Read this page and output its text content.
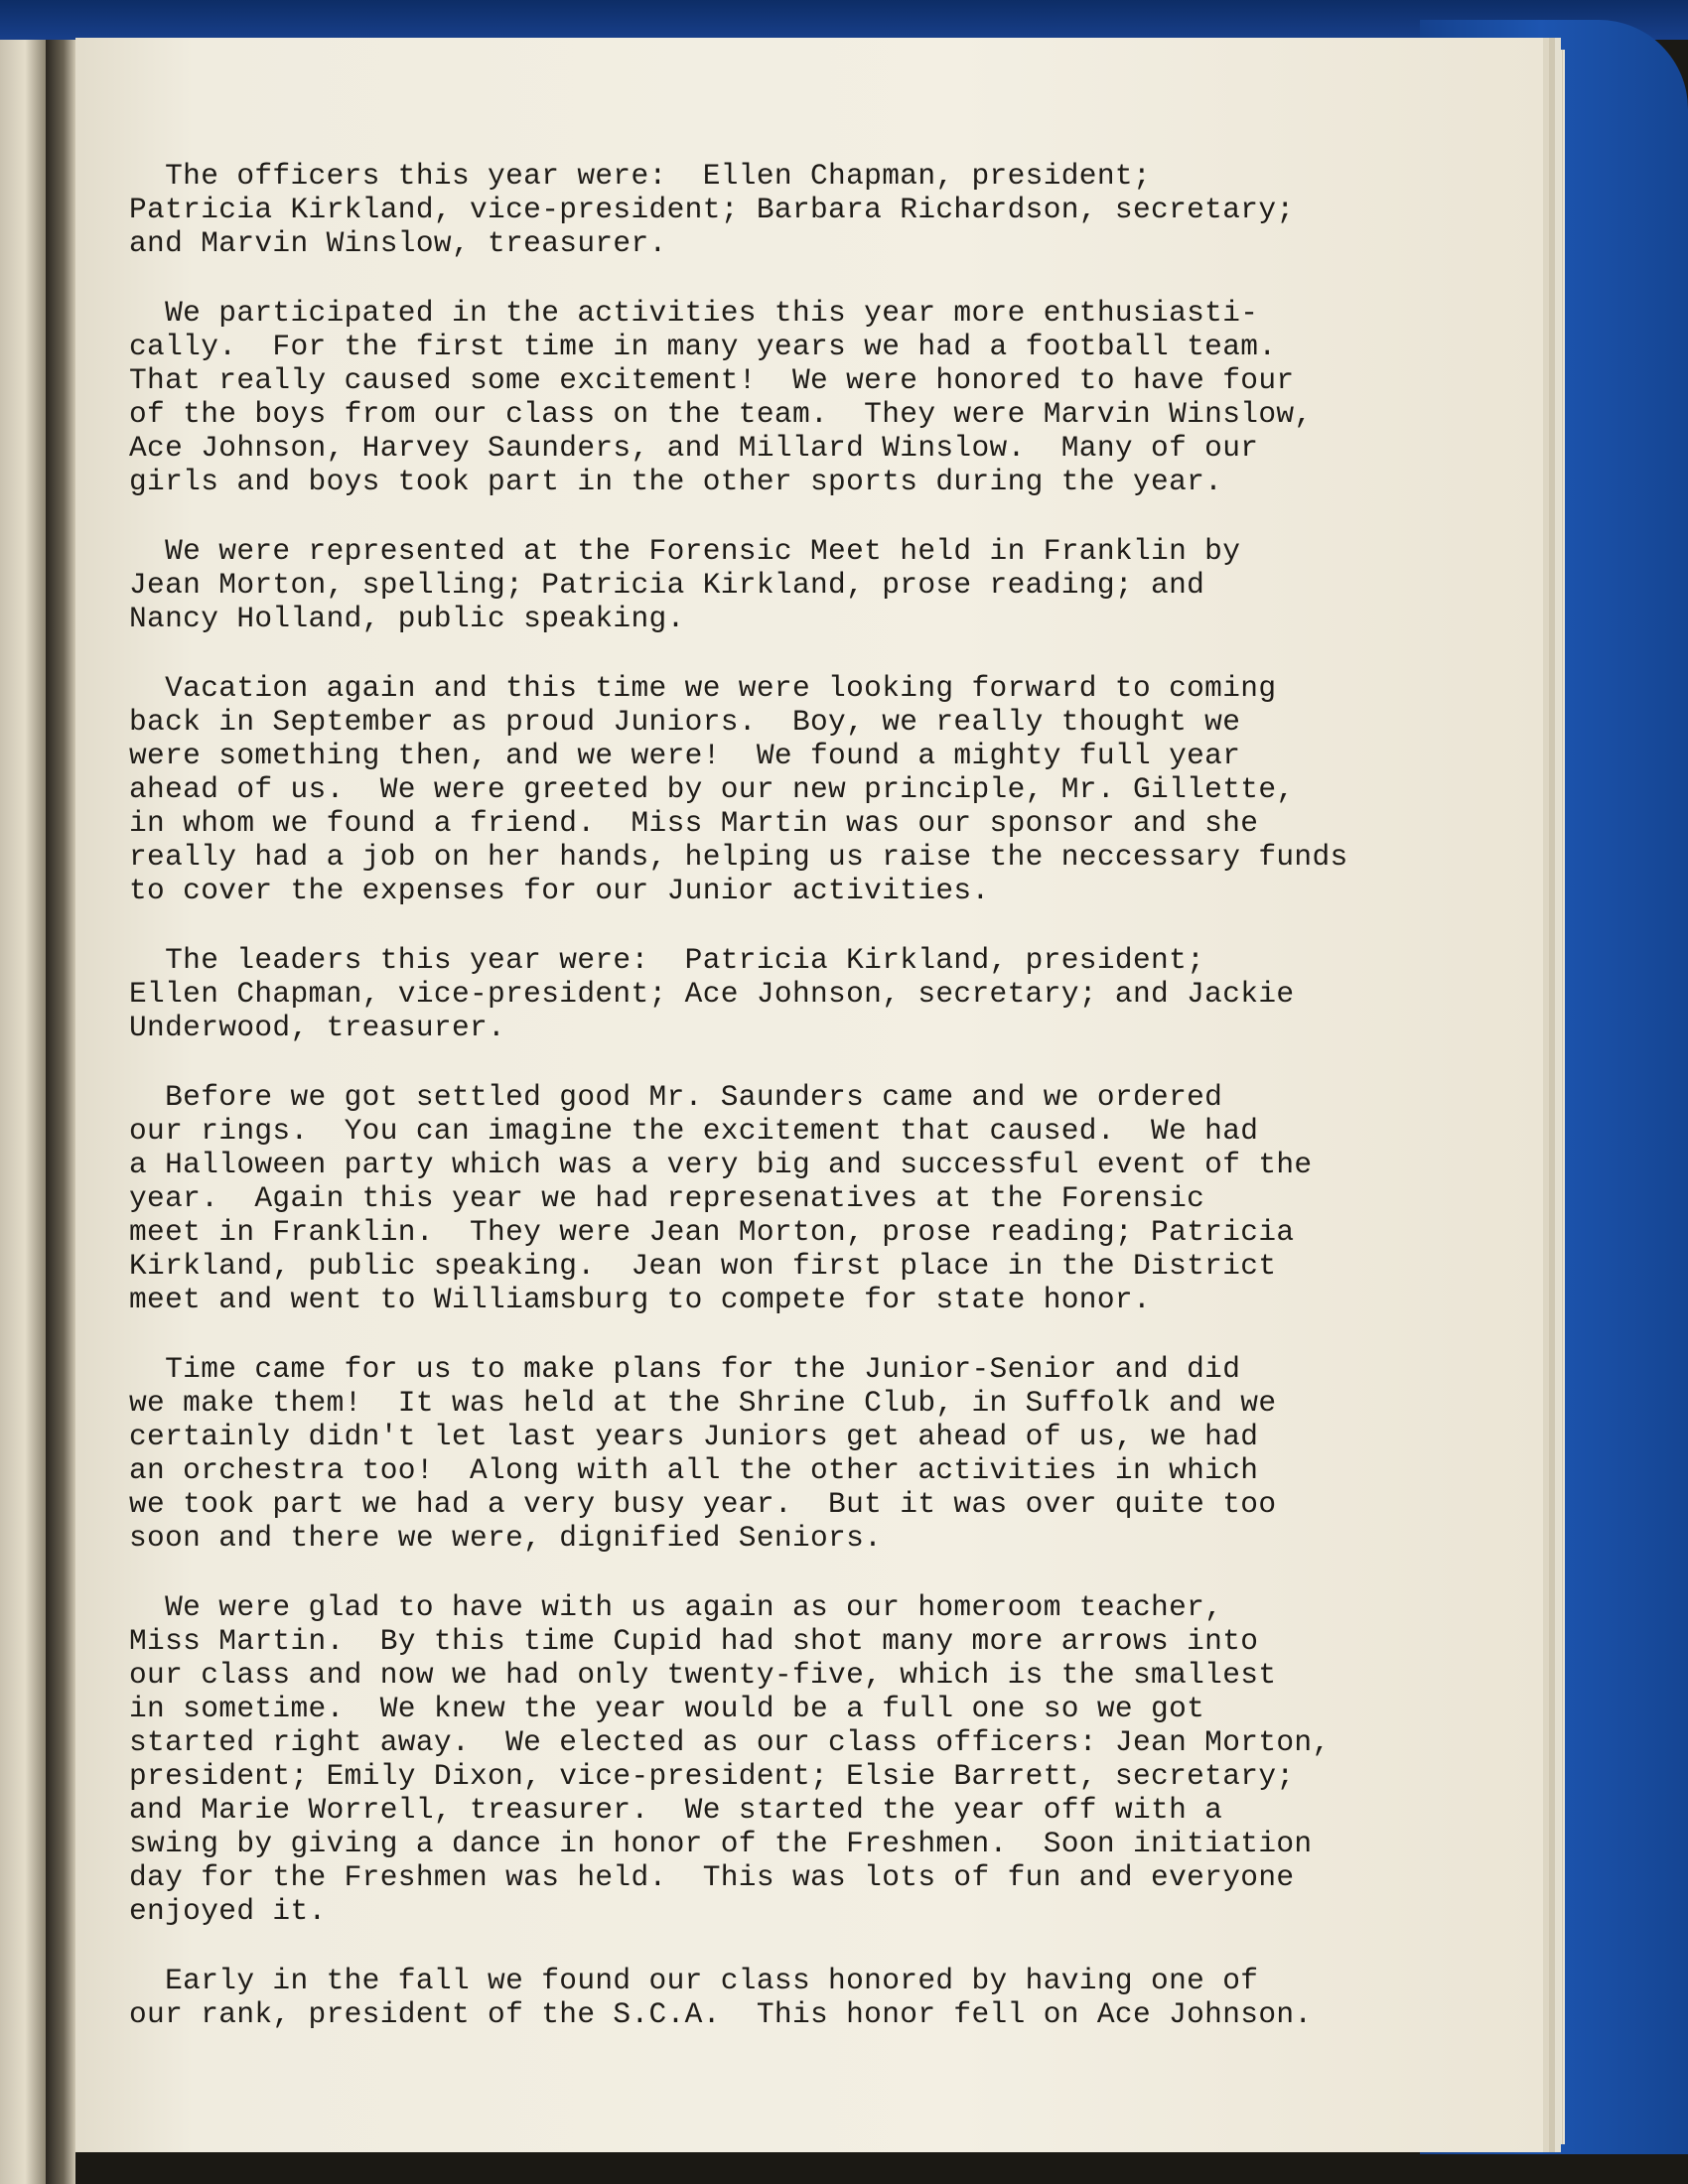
The officers this year were:  Ellen Chapman, president;
Patricia Kirkland, vice-president; Barbara Richardson, secretary;
and Marvin Winslow, treasurer.
We participated in the activities this year more enthusiasti-
cally.  For the first time in many years we had a football team.
That really caused some excitement!  We were honored to have four
of the boys from our class on the team.  They were Marvin Winslow,
Ace Johnson, Harvey Saunders, and Millard Winslow.  Many of our
girls and boys took part in the other sports during the year.
We were represented at the Forensic Meet held in Franklin by
Jean Morton, spelling; Patricia Kirkland, prose reading; and
Nancy Holland, public speaking.
Vacation again and this time we were looking forward to coming
back in September as proud Juniors.  Boy, we really thought we
were something then, and we were!  We found a mighty full year
ahead of us.  We were greeted by our new principle, Mr. Gillette,
in whom we found a friend.  Miss Martin was our sponsor and she
really had a job on her hands, helping us raise the neccessary funds
to cover the expenses for our Junior activities.
The leaders this year were:  Patricia Kirkland, president;
Ellen Chapman, vice-president; Ace Johnson, secretary; and Jackie
Underwood, treasurer.
Before we got settled good Mr. Saunders came and we ordered
our rings.  You can imagine the excitement that caused.  We had
a Halloween party which was a very big and successful event of the
year.  Again this year we had represenatives at the Forensic
meet in Franklin.  They were Jean Morton, prose reading; Patricia
Kirkland, public speaking.  Jean won first place in the District
meet and went to Williamsburg to compete for state honor.
Time came for us to make plans for the Junior-Senior and did
we make them!  It was held at the Shrine Club, in Suffolk and we
certainly didn't let last years Juniors get ahead of us, we had
an orchestra too!  Along with all the other activities in which
we took part we had a very busy year.  But it was over quite too
soon and there we were, dignified Seniors.
We were glad to have with us again as our homeroom teacher,
Miss Martin.  By this time Cupid had shot many more arrows into
our class and now we had only twenty-five, which is the smallest
in sometime.  We knew the year would be a full one so we got
started right away.  We elected as our class officers: Jean Morton,
president; Emily Dixon, vice-president; Elsie Barrett, secretary;
and Marie Worrell, treasurer.  We started the year off with a
swing by giving a dance in honor of the Freshmen.  Soon initiation
day for the Freshmen was held.  This was lots of fun and everyone
enjoyed it.
Early in the fall we found our class honored by having one of
our rank, president of the S.C.A.  This honor fell on Ace Johnson.
